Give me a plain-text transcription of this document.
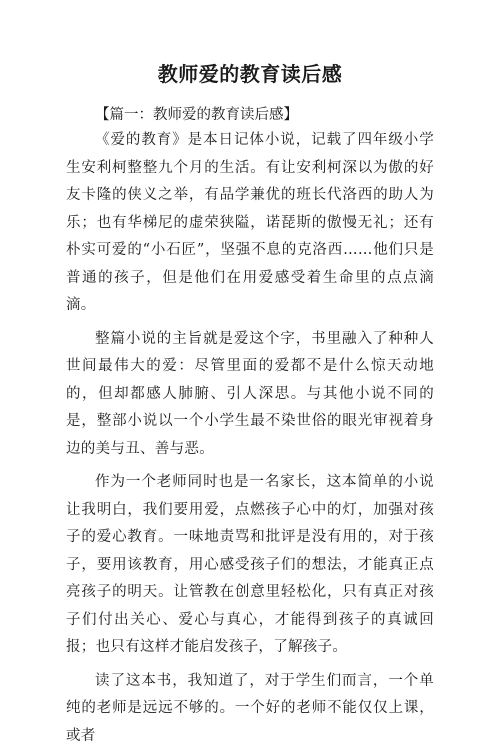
教师爱的教育读后感

【篇一：教师爱的教育读后感】

《爱的教育》是本日记体小说，记载了四年级小学生安利柯整整九个月的生活。有让安利柯深以为傲的好友卡隆的侠义之举，有品学兼优的班长代洛西的助人为乐；也有华梯尼的虚荣狭隘，诺琵斯的傲慢无礼；还有朴实可爱的“小石匠”，坚强不息的克洛西……他们只是普通的孩子，但是他们在用爱感受着生命里的点点滴滴。

整篇小说的主旨就是爱这个字，书里融入了种种人世间最伟大的爱：尽管里面的爱都不是什么惊天动地的，但却都感人肺腑、引人深思。与其他小说不同的是，整部小说以一个小学生最不染世俗的眼光审视着身边的美与丑、善与恶。

作为一个老师同时也是一名家长，这本简单的小说让我明白，我们要用爱，点燃孩子心中的灯，加强对孩子的爱心教育。一味地责骂和批评是没有用的，对于孩子，要用该教育，用心感受孩子们的想法，才能真正点亮孩子的明天。让管教在创意里轻松化，只有真正对孩子们付出关心、爱心与真心，才能得到孩子的真诚回报；也只有这样才能启发孩子，了解孩子。

读了这本书，我知道了，对于学生们而言，一个单纯的老师是远远不够的。一个好的老师不能仅仅上课，或者
